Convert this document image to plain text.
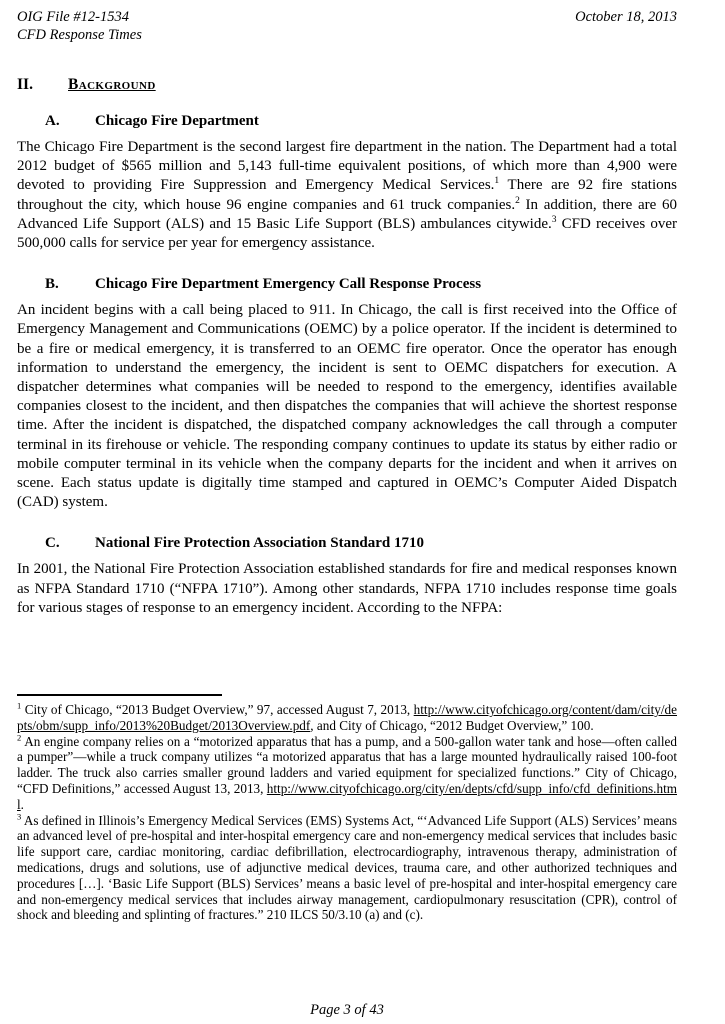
OIG File #12-1534
CFD Response Times
October 18, 2013
II.	Background
A.	Chicago Fire Department

The Chicago Fire Department is the second largest fire department in the nation. The Department had a total 2012 budget of $565 million and 5,143 full-time equivalent positions, of which more than 4,900 were devoted to providing Fire Suppression and Emergency Medical Services.$^1$ There are 92 fire stations throughout the city, which house 96 engine companies and 61 truck companies.$^2$ In addition, there are 60 Advanced Life Support (ALS) and 15 Basic Life Support (BLS) ambulances citywide.$^3$ CFD receives over 500,000 calls for service per year for emergency assistance.

B.	Chicago Fire Department Emergency Call Response Process

An incident begins with a call being placed to 911. In Chicago, the call is first received into the Office of Emergency Management and Communications (OEMC) by a police operator. If the incident is determined to be a fire or medical emergency, it is transferred to an OEMC fire operator. Once the operator has enough information to understand the emergency, the incident is sent to OEMC dispatchers for execution. A dispatcher determines what companies will be needed to respond to the emergency, identifies available companies closest to the incident, and then dispatches the companies that will achieve the shortest response time. After the incident is dispatched, the dispatched company acknowledges the call through a computer terminal in its firehouse or vehicle. The responding company continues to update its status by either radio or mobile computer terminal in its vehicle when the company departs for the incident and when it arrives on scene. Each status update is digitally time stamped and captured in OEMC’s Computer Aided Dispatch (CAD) system.

C.	National Fire Protection Association Standard 1710

In 2001, the National Fire Protection Association established standards for fire and medical responses known as NFPA Standard 1710 (“NFPA 1710”). Among other standards, NFPA 1710 includes response time goals for various stages of response to an emergency incident. According to the NFPA:

$^1$ City of Chicago, “2013 Budget Overview,” 97, accessed August 7, 2013, http://www.cityofchicago.org/content/dam/city/depts/obm/supp_info/2013%20Budget/2013Overview.pdf, and City of Chicago, “2012 Budget Overview,” 100.
$^2$ An engine company relies on a “motorized apparatus that has a pump, and a 500-gallon water tank and hose—often called a pumper”—while a truck company utilizes “a motorized apparatus that has a large mounted hydraulically raised 100-foot ladder. The truck also carries smaller ground ladders and varied equipment for specialized functions.” City of Chicago, “CFD Definitions,” accessed August 13, 2013, http://www.cityofchicago.org/city/en/depts/cfd/supp_info/cfd_definitions.html.
$^3$ As defined in Illinois’s Emergency Medical Services (EMS) Systems Act, “‘Advanced Life Support (ALS) Services’ means an advanced level of pre-hospital and inter-hospital emergency care and non-emergency medical services that includes basic life support care, cardiac monitoring, cardiac defibrillation, electrocardiography, intravenous therapy, administration of medications, drugs and solutions, use of adjunctive medical devices, trauma care, and other authorized techniques and procedures […]. ‘Basic Life Support (BLS) Services’ means a basic level of pre-hospital and inter-hospital emergency care and non-emergency medical services that includes airway management, cardiopulmonary resuscitation (CPR), control of shock and bleeding and splinting of fractures.” 210 ILCS 50/3.10 (a) and (c).
Page 3 of 43
